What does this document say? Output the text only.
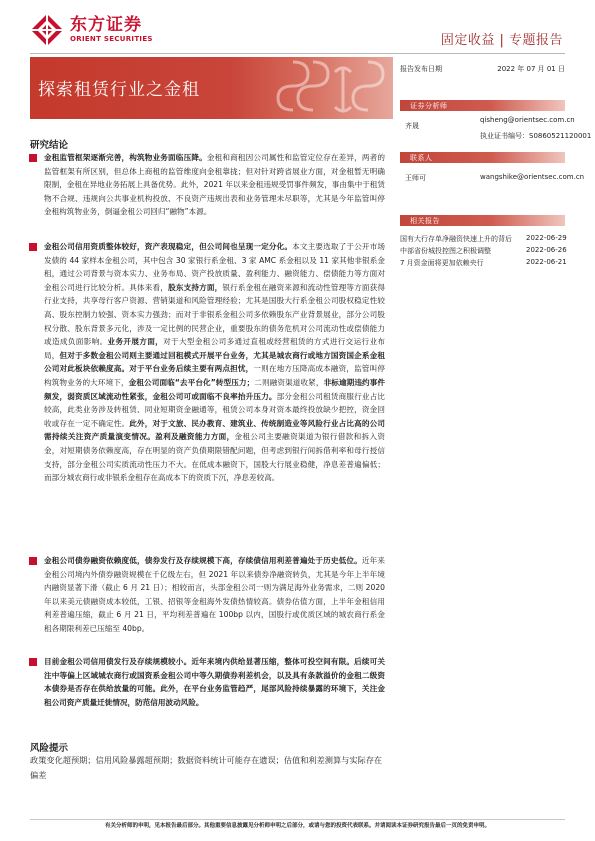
东方证券
ORIENT SECURITIES	固定收益 | 专题报告
探索租赁行业之金租
报告发布日期	2022 年 07 月 01 日
证券分析师
齐晟
qisheng@orientsec.com.cn
执业证书编号：S0860521120001
联系人
王师可	wangshike@orientsec.com.cn
相关报告
国有大行存单净融资快速上升的背后 2022-06-29
中部省份城投控图之积极调整	2022-06-26
7 月资金面将更加依赖央行	2022-06-21
研究结论

金租监管框架逐渐完善，构筑物业务面临压降。金租和商租因公司属性和监管定位存在差异，两者的监管框架有所区别，但总体上商租的监管维度向金租靠拢；但对针对跨省展业方面，对金租暂无明确限制，金租在异地业务拓展上具备优势。此外，2021 年以来金租违规受罚事件频发，事由集中于租赁物不合规、违规向公共事业机构投放、不良资产违规出表和业务管理未尽职等，尤其是今年监管叫停金租构筑物业务，倒逼金租公司回归“融物”本源。

金租公司信用资质整体较好，资产表现稳定，但公司间也呈现一定分化。本文主要选取了于公开市场发债的 44 家样本金租公司，其中包含 30 家银行系金租、3 家 AMC 系金租以及 11 家其他非银系金租，通过公司背景与资本实力、业务布局、资产投放质量、盈利能力、融资能力、偿债能力等方面对金租公司进行比较分析。具体来看，股东支持方面，银行系金租在融资来源和流动性管理等方面获得行业支持，共享母行客户资源、营销渠道和风险管理经验；尤其是国股大行系金租公司股权稳定性较高、股东控制力较强、资本实力强劲；而对于非银系金租公司多依赖股东产业背景展业，部分公司股权分散、股东背景多元化，涉及一定比例的民营企业，重要股东的债务危机对公司流动性或偿债能力或造成负面影响。业务开展方面，对于大型金租公司多通过直租或经营租赁的方式进行交运行业布局，但对于多数金租公司则主要通过回租模式开展平台业务，尤其是城农商行或地方国资国企系金租公司对此板块依赖度高。对于平台业务后续主要有两点担忧，一则在地方压降高成本融资，监管叫停构筑物业务的大环境下，金租公司面临“去平台化”转型压力；二则融资渠道收紧，非标逾期违约事件频发，弱资质区域流动性紧张，金租公司可或面临不良率抬升压力。部分金租公司租赁商服行业占比较高，此类业务涉及转租赁、同业短期资金融通等，租赁公司本身对资本最终投放缺少把控，资金回收或存在一定不确定性。此外，对于文旅、民办教育、建筑业、传统制造业等风险行业占比高的公司需持续关注资产质量演变情况。盈利及融资能力方面，金租公司主要融资渠道为银行借款和拆入资金，对短期债务依赖度高，存在明显的资产负债期限错配问题，但考虑到银行间拆借利率和母行授信支持，部分金租公司实质流动性压力不大。在低成本融资下，国股大行展业稳健，净息差普遍偏低；而部分城农商行或非银系金租存在高成本下的资质下沉，净息差较高。

金租公司债券融资依赖度低，债券发行及存续规模下高，存续债信用利差普遍处于历史低位。近年来金租公司境内外债券融资规模在千亿级左右，但 2021 年以来债券净融资转负，尤其是今年上半年境内融资显著下滑（截止 6 月 21 日）；相较而言，头部金租公司一则为满足海外业务需求，二则 2020 年以来美元债融资成本较低，工银、招银等金租海外发债热情较高。债券估值方面，上半年金租信用利差普遍压缩，截止 6 月 21 日，平均利差普遍在 100bp 以内，国股行或优质区域的城农商行系金租各期限利差已压缩至 40bp。

目前金租公司信用债发行及存续规模较小。近年来境内供给显著压缩，整体可投空间有限。后续可关注中等偏上区域城农商行或国资系金租公司中等久期债券利差机会，以及具有条款溢价的金租二级资本债券是否存在供给放量的可能。此外，在平台业务监管趋严，尾部风险持续暴露的环境下，关注金租公司资产质量迁徙情况，防范信用波动风险。

风险提示
政策变化超预期；信用风险暴露超预期；数据资料统计可能存在遗误；估值和利差测算与实际存在偏差
有关分析师的申明，见本报告最后部分。其他重要信息披露见分析师申明之后部分，或请与您的投资代表联系。并请阅读本证券研究报告最后一页的免责申明。
